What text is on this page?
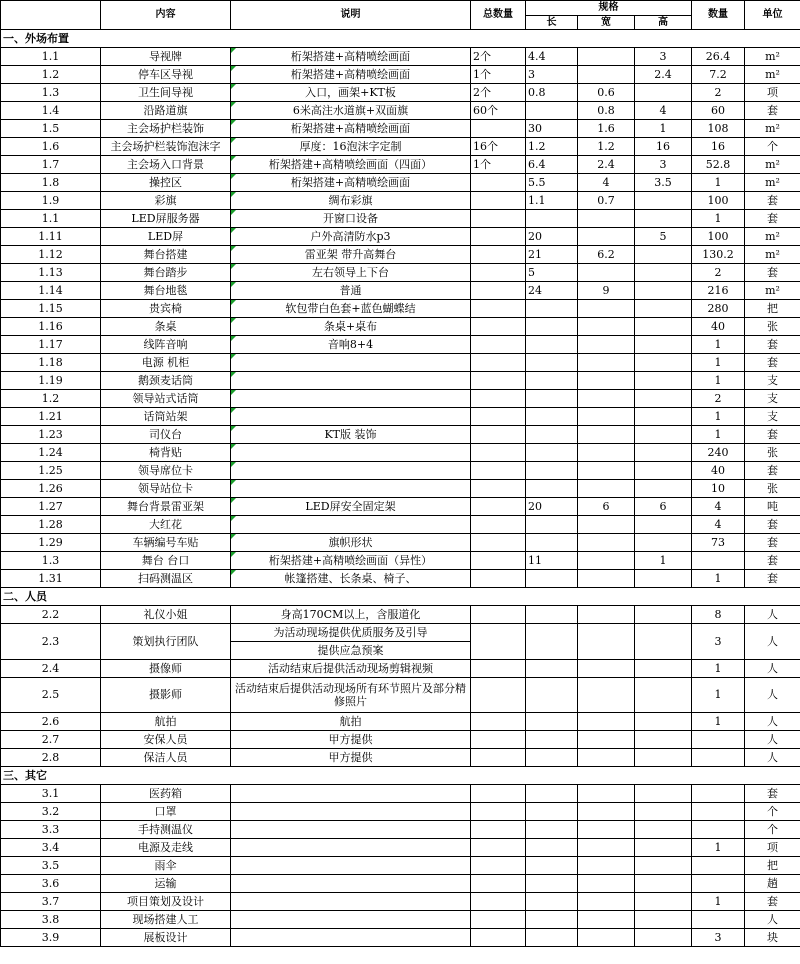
	内容	说明	总数量	规格			数量	单位
				长	宽	高		
一、外场布置								
1.1	导视牌	桁架搭建+高精喷绘画面	2个	4.4		3	26.4	m²
1.2	停车区导视	桁架搭建+高精喷绘画面	1个	3		2.4	7.2	m²
1.3	卫生间导视	入口，画架+KT板	2个	0.8	0.6		2	项
1.4	沿路道旗	6米高注水道旗+双面旗	60个		0.8	4	60	套
1.5	主会场护栏装饰	桁架搭建+高精喷绘画面		30	1.6	1	108	m²
1.6	主会场护栏装饰泡沫字	厚度：16泡沫字定制	16个	1.2	1.2	16	16	个
1.7	主会场入口背景	桁架搭建+高精喷绘画面（四面）	1个	6.4	2.4	3	52.8	m²
1.8	操控区	桁架搭建+高精喷绘画面		5.5	4	3.5	1	m²
1.9	彩旗	绸布彩旗		1.1	0.7		100	套
1.1	LED屏服务器	开窗口设备					1	套
1.11	LED屏	户外高清防水p3		20		5	100	m²
1.12	舞台搭建	雷亚架 带升高舞台		21	6.2		130.2	m²
1.13	舞台踏步	左右领导上下台		5			2	套
1.14	舞台地毯	普通		24	9		216	m²
1.15	贵宾椅	软包带白色套+蓝色蝴蝶结					280	把
1.16	条桌	条桌+桌布					40	张
1.17	线阵音响	音响8+4					1	套
1.18	电源 机柜						1	套
1.19	鹅颈麦话筒						1	支
1.2	领导站式话筒						2	支
1.21	话筒站架						1	支
1.23	司仪台	KT版 装饰					1	套
1.24	椅背贴						240	张
1.25	领导席位卡						40	套
1.26	领导站位卡						10	张
1.27	舞台背景雷亚架	LED屏安全固定架		20	6	6	4	吨
1.28	大红花						4	套
1.29	车辆编号车贴	旗帜形状					73	套
1.3	舞台 台口	桁架搭建+高精喷绘画面（异性）		11		1		套
1.31	扫码测温区	帐篷搭建、长条桌、椅子、					1	套
二、人员								
2.2	礼仪小姐	身高170CM以上，含服道化					8	人
2.3	策划执行团队	为活动现场提供优质服务及引导					3	人
		提供应急预案						
2.4	摄像师	活动结束后提供活动现场剪辑视频					1	人
2.5	摄影师	活动结束后提供活动现场所有环节照片及部分精修照片					1	人
2.6	航拍	航拍					1	人
2.7	安保人员	甲方提供						人
2.8	保洁人员	甲方提供						人
三、其它								
3.1	医药箱							套
3.2	口罩							个
3.3	手持测温仪							个
3.4	电源及走线						1	项
3.5	雨伞							把
3.6	运输							趟
3.7	项目策划及设计						1	套
3.8	现场搭建人工							人
3.9	展板设计						3	块
